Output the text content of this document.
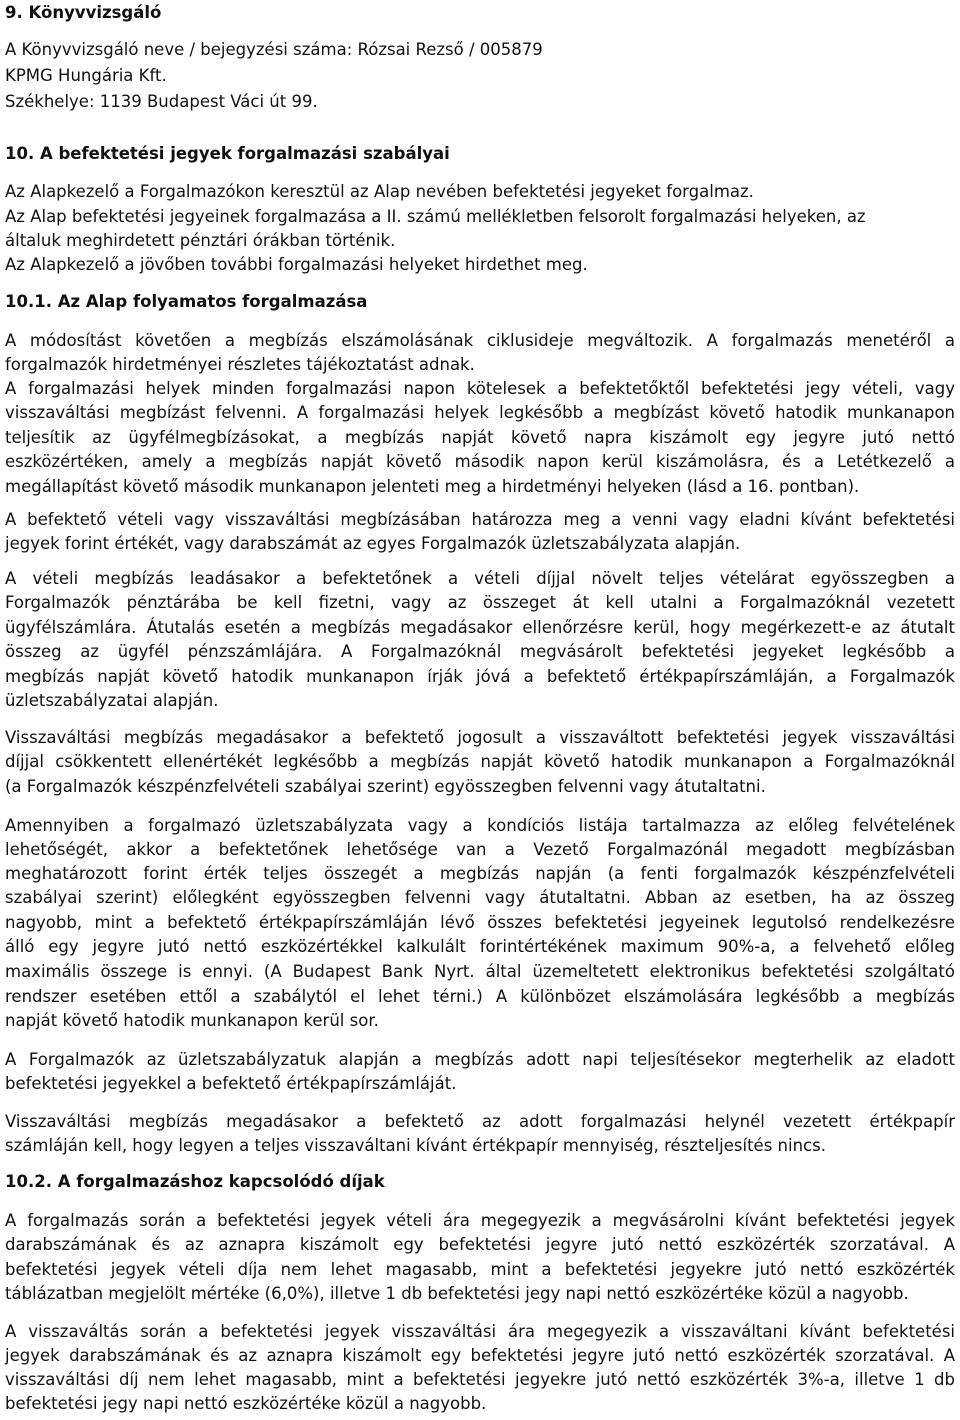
9. Könyvvizsgáló
A Könyvvizsgáló neve / bejegyzési száma: Rózsai Rezső / 005879
KPMG Hungária Kft.
Székhelye: 1139 Budapest Váci út 99.
10. A befektetési jegyek forgalmazási szabályai
Az Alapkezelő a Forgalmazókon keresztül az Alap nevében befektetési jegyeket forgalmaz.
Az Alap befektetési jegyeinek forgalmazása a II. számú mellékletben felsorolt forgalmazási helyeken, az
általuk meghirdetett pénztári órákban történik.
Az Alapkezelő a jövőben további forgalmazási helyeket hirdethet meg.
10.1. Az Alap folyamatos forgalmazása
A módosítást követően a megbízás elszámolásának ciklusideje megváltozik. A forgalmazás menetéről a
forgalmazók hirdetményei részletes tájékoztatást adnak.
A forgalmazási helyek minden forgalmazási napon kötelesek a befektetőktől befektetési jegy vételi, vagy
visszaváltási megbízást felvenni. A forgalmazási helyek legkésőbb a megbízást követő hatodik munkanapon
teljesítik az ügyfélmegbízásokat, a megbízás napját követő napra kiszámolt egy jegyre jutó nettó
eszközértéken, amely a megbízás napját követő második napon kerül kiszámolásra, és a Letétkezelő a
megállapítást követő második munkanapon jelenteti meg a hirdetményi helyeken (lásd a 16. pontban).
A befektető vételi vagy visszaváltási megbízásában határozza meg a venni vagy eladni kívánt befektetési
jegyek forint értékét, vagy darabszámát az egyes Forgalmazók üzletszabályzata alapján.
A vételi megbízás leadásakor a befektetőnek a vételi díjjal növelt teljes vételárat egyösszegben a
Forgalmazók pénztárába be kell fizetni, vagy az összeget át kell utalni a Forgalmazóknál vezetett
ügyfélszámlára. Átutalás esetén a megbízás megadásakor ellenőrzésre kerül, hogy megérkezett-e az átutalt
összeg az ügyfél pénzszámlájára. A Forgalmazóknál megvásárolt befektetési jegyeket legkésőbb a
megbízás napját követő hatodik munkanapon írják jóvá a befektető értékpapírszámláján, a Forgalmazók
üzletszabályzatai alapján.
Visszaváltási megbízás megadásakor a befektető jogosult a visszaváltott befektetési jegyek visszaváltási
díjjal csökkentett ellenértékét legkésőbb a megbízás napját követő hatodik munkanapon a Forgalmazóknál
(a Forgalmazók készpénzfelvételi szabályai szerint) egyösszegben felvenni vagy átutaltatni.
Amennyiben a forgalmazó üzletszabályzata vagy a kondíciós listája tartalmazza az előleg felvételének
lehetőségét, akkor a befektetőnek lehetősége van a Vezető Forgalmazónál megadott megbízásban
meghatározott forint érték teljes összegét a megbízás napján (a fenti forgalmazók készpénzfelvételi
szabályai szerint) előlegként egyösszegben felvenni vagy átutaltatni. Abban az esetben, ha az összeg
nagyobb, mint a befektető értékpapírszámláján lévő összes befektetési jegyeinek legutolsó rendelkezésre
álló egy jegyre jutó nettó eszközértékkel kalkulált forintértékének maximum 90%-a, a felvehető előleg
maximális összege is ennyi. (A Budapest Bank Nyrt. által üzemeltetett elektronikus befektetési szolgáltató
rendszer esetében ettől a szabálytól el lehet térni.) A különbözet elszámolására legkésőbb a megbízás
napját követő hatodik munkanapon kerül sor.
A Forgalmazók az üzletszabályzatuk alapján a megbízás adott napi teljesítésekor megterhelik az eladott
befektetési jegyekkel a befektető értékpapírszámláját.
Visszaváltási megbízás megadásakor a befektető az adott forgalmazási helynél vezetett értékpapír
számláján kell, hogy legyen a teljes visszaváltani kívánt értékpapír mennyiség, részteljesítés nincs.
10.2. A forgalmazáshoz kapcsolódó díjak
A forgalmazás során a befektetési jegyek vételi ára megegyezik a megvásárolni kívánt befektetési jegyek
darabszámának és az aznapra kiszámolt egy befektetési jegyre jutó nettó eszközérték szorzatával. A
befektetési jegyek vételi díja nem lehet magasabb, mint a befektetési jegyekre jutó nettó eszközérték
táblázatban megjelölt mértéke (6,0%), illetve 1 db befektetési jegy napi nettó eszközértéke közül a nagyobb.
A visszaváltás során a befektetési jegyek visszaváltási ára megegyezik a visszaváltani kívánt befektetési
jegyek darabszámának és az aznapra kiszámolt egy befektetési jegyre jutó nettó eszközérték szorzatával. A
visszaváltási díj nem lehet magasabb, mint a befektetési jegyekre jutó nettó eszközérték 3%-a, illetve 1 db
befektetési jegy napi nettó eszközértéke közül a nagyobb.
